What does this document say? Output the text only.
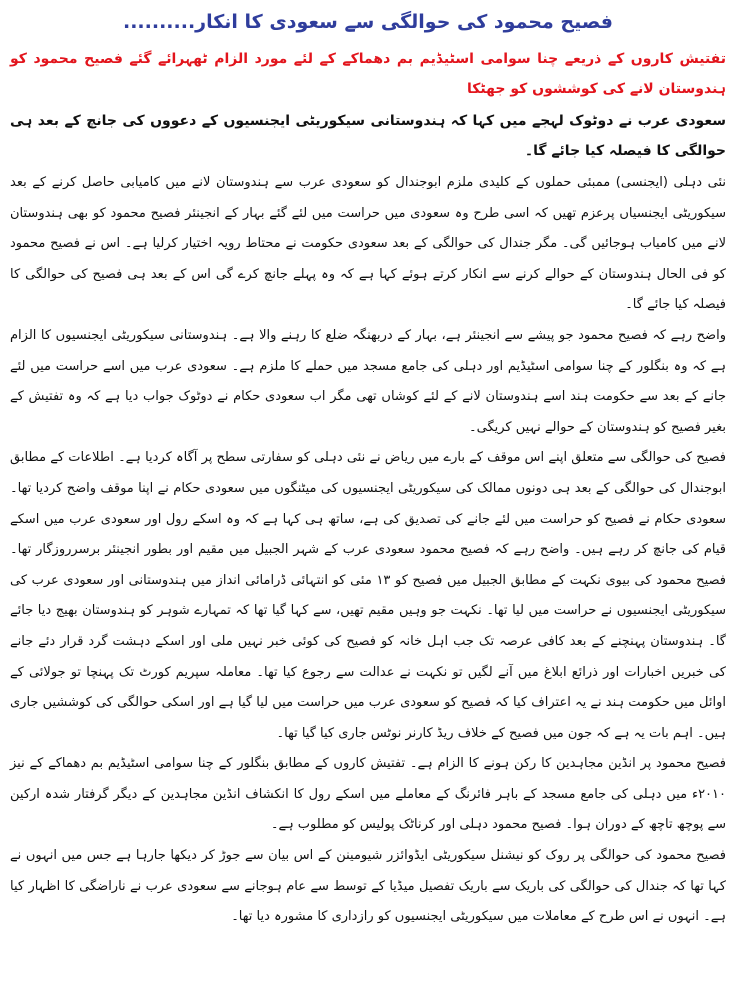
فصیح محمود کی حوالگی سے سعودی کا انکار..........

تفتیش کاروں کے ذریعے چنا سوامی اسٹیڈیم بم دھماکے کے لئے مورد الزام ٹھہرائے گئے فصیح محمود کو ہندوستان لانے کی کوششوں کو جھٹکا

سعودی عرب نے دوٹوک لہجے میں کہا کہ ہندوستانی سیکوریٹی ایجنسیوں کے دعووں کی جانچ کے بعد ہی حوالگی کا فیصلہ کیا جائے گا۔

نئی دہلی (ایجنسی) ممبئی حملوں کے کلیدی ملزم ابوجندال کو سعودی عرب سے ہندوستان لانے میں کامیابی حاصل کرنے کے بعد سیکوریٹی ایجنسیاں پرعزم تھیں کہ اسی طرح وہ سعودی میں حراست میں لئے گئے بہار کے انجینئر فصیح محمود کو بھی ہندوستان لانے میں کامیاب ہوجائیں گی۔ مگر جندال کی حوالگی کے بعد سعودی حکومت نے محتاط رویہ اختیار کرلیا ہے۔ اس نے فصیح محمود کو فی الحال ہندوستان کے حوالے کرنے سے انکار کرتے ہوئے کہا ہے کہ وہ پہلے جانچ کرے گی اس کے بعد ہی فصیح کی حوالگی کا فیصلہ کیا جائے گا۔

واضح رہے کہ فصیح محمود جو پیشے سے انجینئر ہے، بہار کے دربھنگہ ضلع کا رہنے والا ہے۔ ہندوستانی سیکوریٹی ایجنسیوں کا الزام ہے کہ وہ بنگلور کے چنا سوامی اسٹیڈیم اور دہلی کی جامع مسجد میں حملے کا ملزم ہے۔ سعودی عرب میں اسے حراست میں لئے جانے کے بعد سے حکومت ہند اسے ہندوستان لانے کے لئے کوشاں تھی مگر اب سعودی حکام نے دوٹوک جواب دیا ہے کہ وہ تفتیش کے بغیر فصیح کو ہندوستان کے حوالے نہیں کریگی۔

فصیح کی حوالگی سے متعلق اپنے اس موقف کے بارے میں ریاض نے نئی دہلی کو سفارتی سطح پر آگاہ کردیا ہے۔ اطلاعات کے مطابق ابوجندال کی حوالگی کے بعد ہی دونوں ممالک کی سیکوریٹی ایجنسیوں کی میٹنگوں میں سعودی حکام نے اپنا موقف واضح کردیا تھا۔ سعودی حکام نے فصیح کو حراست میں لئے جانے کی تصدیق کی ہے، ساتھ ہی کہا ہے کہ وہ اسکے رول اور سعودی عرب میں اسکے قیام کی جانچ کر رہے ہیں۔ واضح رہے کہ فصیح محمود سعودی عرب کے شہر الجبیل میں مقیم اور بطور انجینئر برسرروزگار تھا۔ فصیح محمود کی بیوی نکہت کے مطابق الجبیل میں فصیح کو ۱۳ مئی کو انتہائی ڈرامائی انداز میں ہندوستانی اور سعودی عرب کی سیکوریٹی ایجنسیوں نے حراست میں لیا تھا۔ نکہت جو وہیں مقیم تھیں، سے کہا گیا تھا کہ تمہارے شوہر کو ہندوستان بھیج دیا جائے گا۔ ہندوستان پہنچنے کے بعد کافی عرصہ تک جب اہل خانہ کو فصیح کی کوئی خبر نہیں ملی اور اسکے دہشت گرد قرار دئے جانے کی خبریں اخبارات اور ذرائع ابلاغ میں آنے لگیں تو نکہت نے عدالت سے رجوع کیا تھا۔ معاملہ سپریم کورٹ تک پہنچا تو جولائی کے اوائل میں حکومت ہند نے یہ اعتراف کیا کہ فصیح کو سعودی عرب میں حراست میں لیا گیا ہے اور اسکی حوالگی کی کوششیں جاری ہیں۔ اہم بات یہ ہے کہ جون میں فصیح کے خلاف ریڈ کارنر نوٹس جاری کیا گیا تھا۔

فصیح محمود پر انڈین مجاہدین کا رکن ہونے کا الزام ہے۔ تفتیش کاروں کے مطابق بنگلور کے چنا سوامی اسٹیڈیم بم دھماکے کے نیز ۲۰۱۰ء میں دہلی کی جامع مسجد کے باہر فائرنگ کے معاملے میں اسکے رول کا انکشاف انڈین مجاہدین کے دیگر گرفتار شدہ ارکین سے پوچھ تاچھ کے دوران ہوا۔ فصیح محمود دہلی اور کرناٹک پولیس کو مطلوب ہے۔

فصیح محمود کی حوالگی پر روک کو نیشنل سیکوریٹی ایڈوائزر شیومینن کے اس بیان سے جوڑ کر دیکھا جارہا ہے جس میں انہوں نے کہا تھا کہ جندال کی حوالگی کی باریک سے باریک تفصیل میڈیا کے توسط سے عام ہوجانے سے سعودی عرب نے ناراضگی کا اظہار کیا ہے۔ انہوں نے اس طرح کے معاملات میں سیکوریٹی ایجنسیوں کو رازداری کا مشورہ دیا تھا۔
